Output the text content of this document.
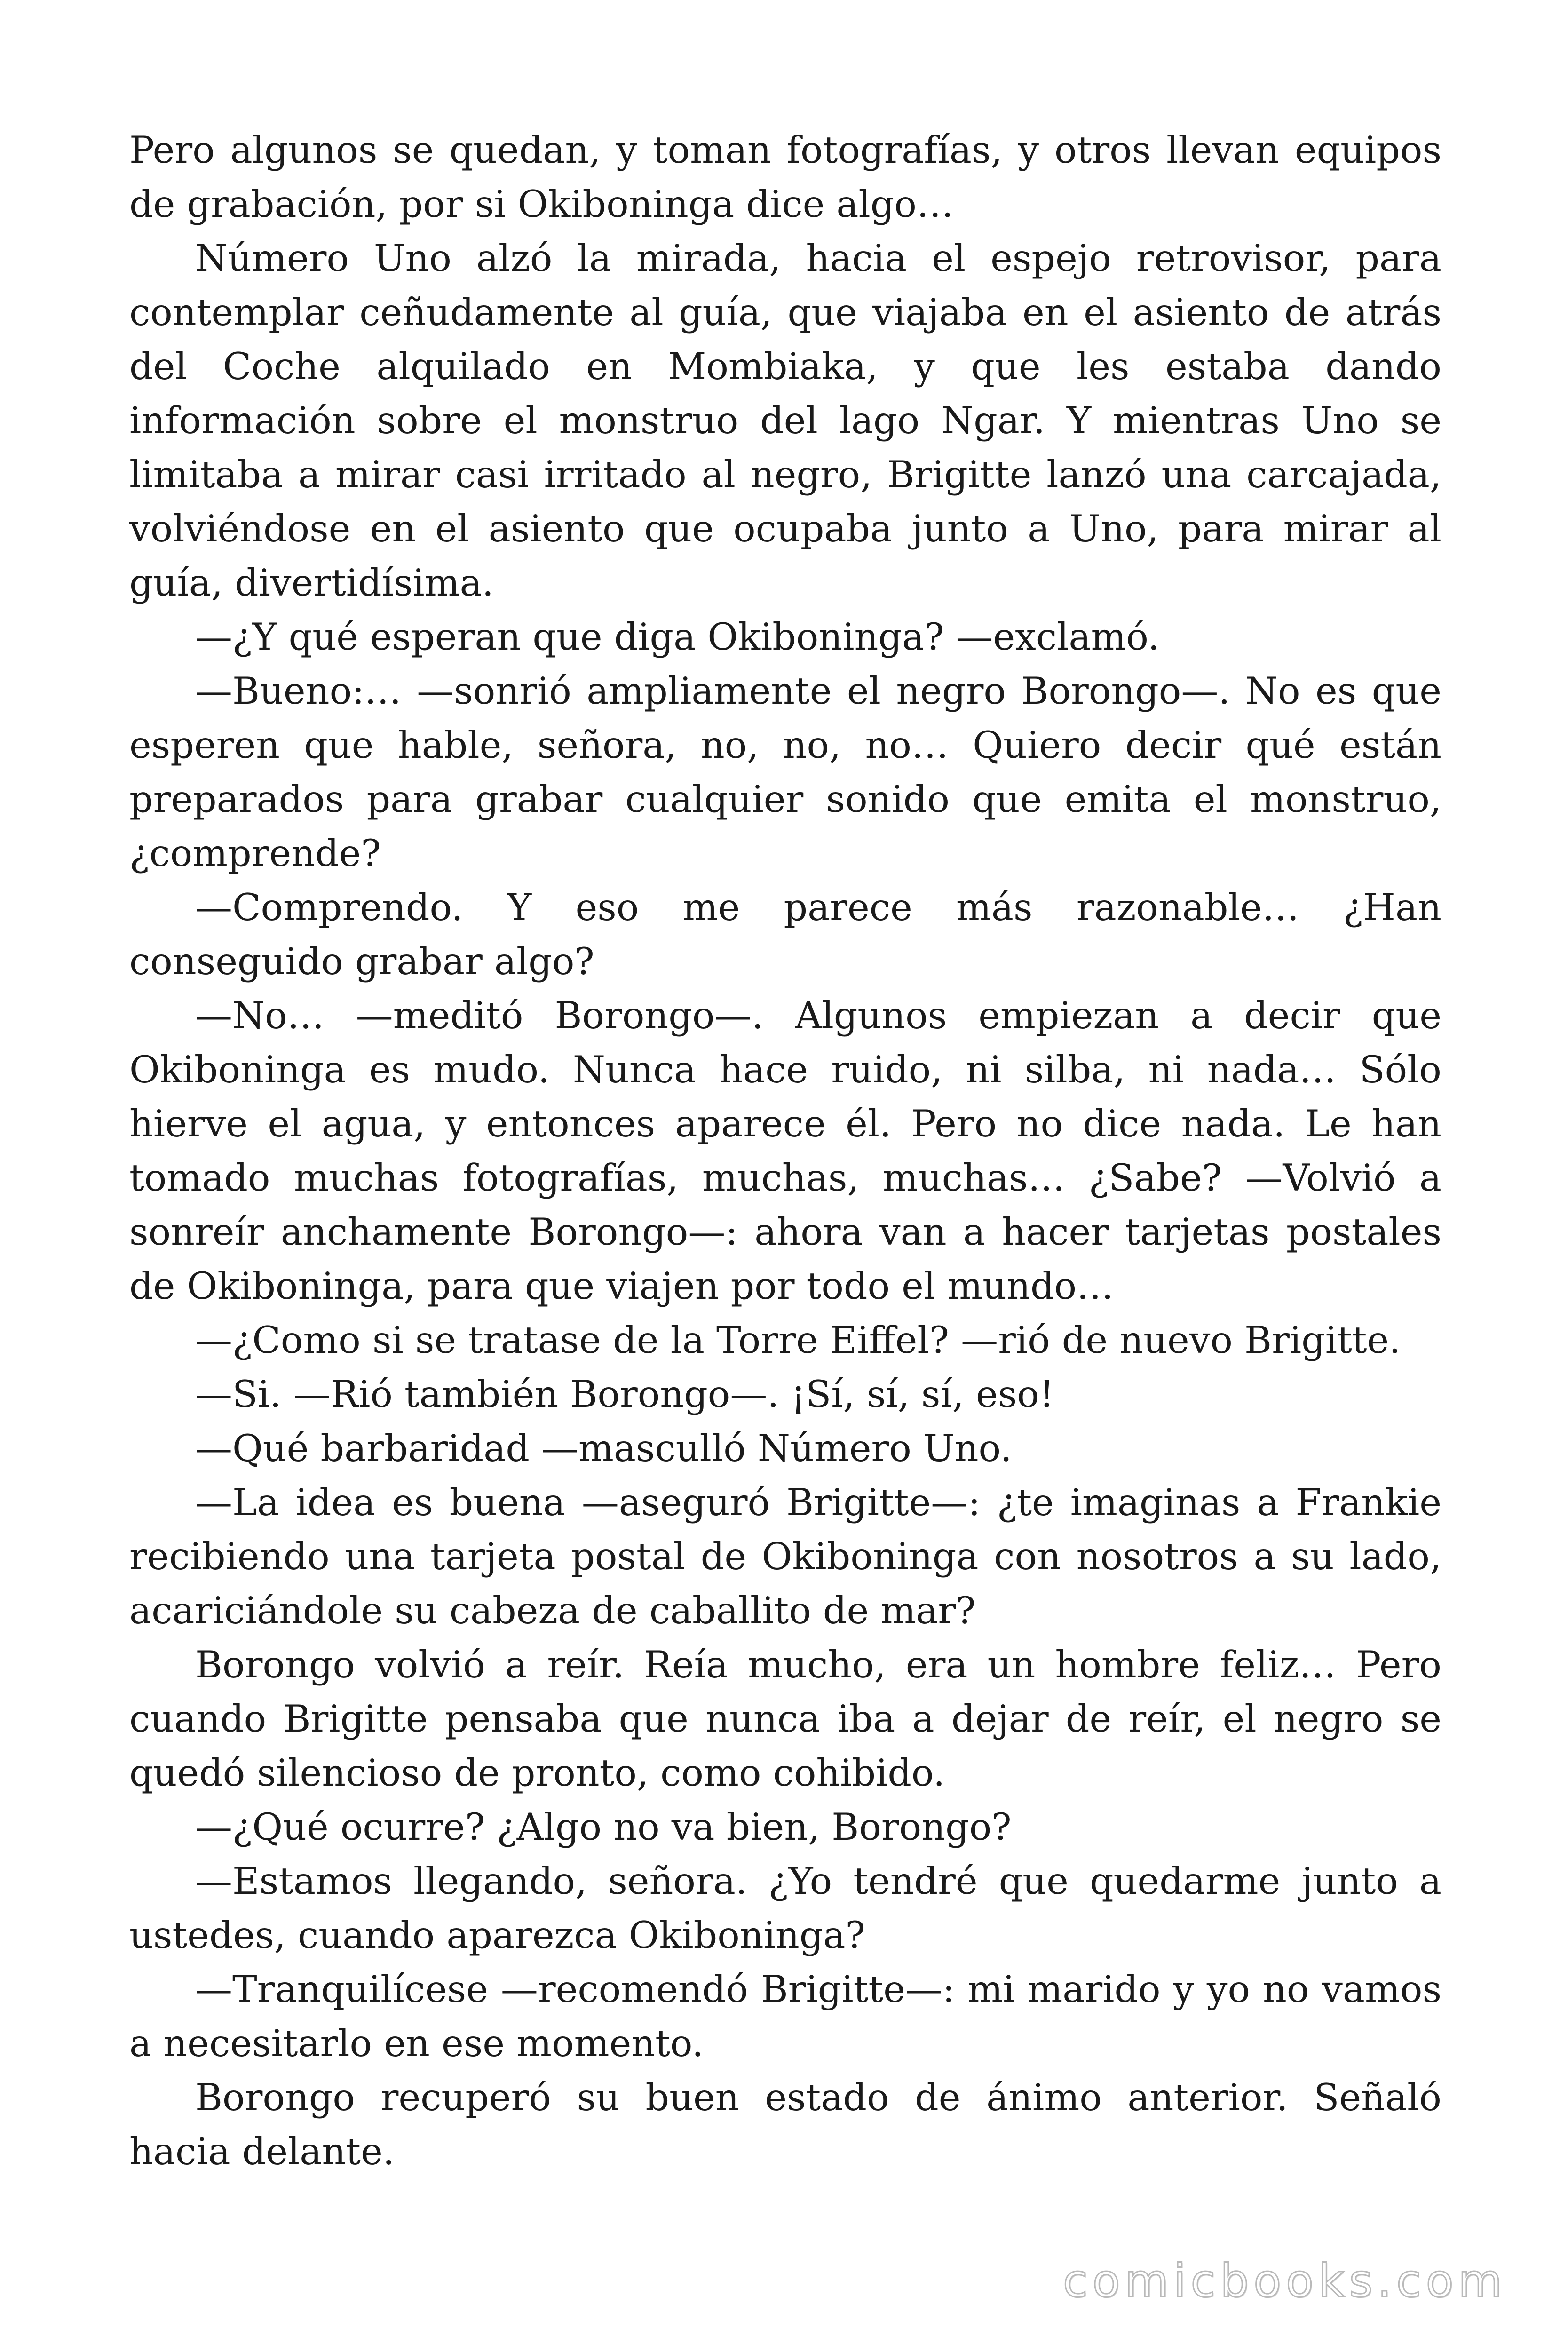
Pero algunos se quedan, y toman fotografías, y otros llevan equipos de grabación, por si Okiboninga dice algo…

Número Uno alzó la mirada, hacia el espejo retrovisor, para contemplar ceñudamente al guía, que viajaba en el asiento de atrás del Coche alquilado en Mombiaka, y que les estaba dando información sobre el monstruo del lago Ngar. Y mientras Uno se limitaba a mirar casi irritado al negro, Brigitte lanzó una carcajada, volviéndose en el asiento que ocupaba junto a Uno, para mirar al guía, divertidísima.

—¿Y qué esperan que diga Okiboninga? —exclamó.

—Bueno:… —sonrió ampliamente el negro Borongo—. No es que esperen que hable, señora, no, no, no… Quiero decir qué están preparados para grabar cualquier sonido que emita el monstruo, ¿comprende?

—Comprendo. Y eso me parece más razonable… ¿Han conseguido grabar algo?

—No… —meditó Borongo—. Algunos empiezan a decir que Okiboninga es mudo. Nunca hace ruido, ni silba, ni nada… Sólo hierve el agua, y entonces aparece él. Pero no dice nada. Le han tomado muchas fotografías, muchas, muchas… ¿Sabe? —Volvió a sonreír anchamente Borongo—: ahora van a hacer tarjetas postales de Okiboninga, para que viajen por todo el mundo…

—¿Como si se tratase de la Torre Eiffel? —rió de nuevo Brigitte.

—Si. —Rió también Borongo—. ¡Sí, sí, sí, eso!

—Qué barbaridad —masculló Número Uno.

—La idea es buena —aseguró Brigitte—: ¿te imaginas a Frankie recibiendo una tarjeta postal de Okiboninga con nosotros a su lado, acariciándole su cabeza de caballito de mar?

Borongo volvió a reír. Reía mucho, era un hombre feliz… Pero cuando Brigitte pensaba que nunca iba a dejar de reír, el negro se quedó silencioso de pronto, como cohibido.

—¿Qué ocurre? ¿Algo no va bien, Borongo?

—Estamos llegando, señora. ¿Yo tendré que quedarme junto a ustedes, cuando aparezca Okiboninga?

—Tranquilícese —recomendó Brigitte—: mi marido y yo no vamos a necesitarlo en ese momento.

Borongo recuperó su buen estado de ánimo anterior. Señaló hacia delante.

comicbooks.com
